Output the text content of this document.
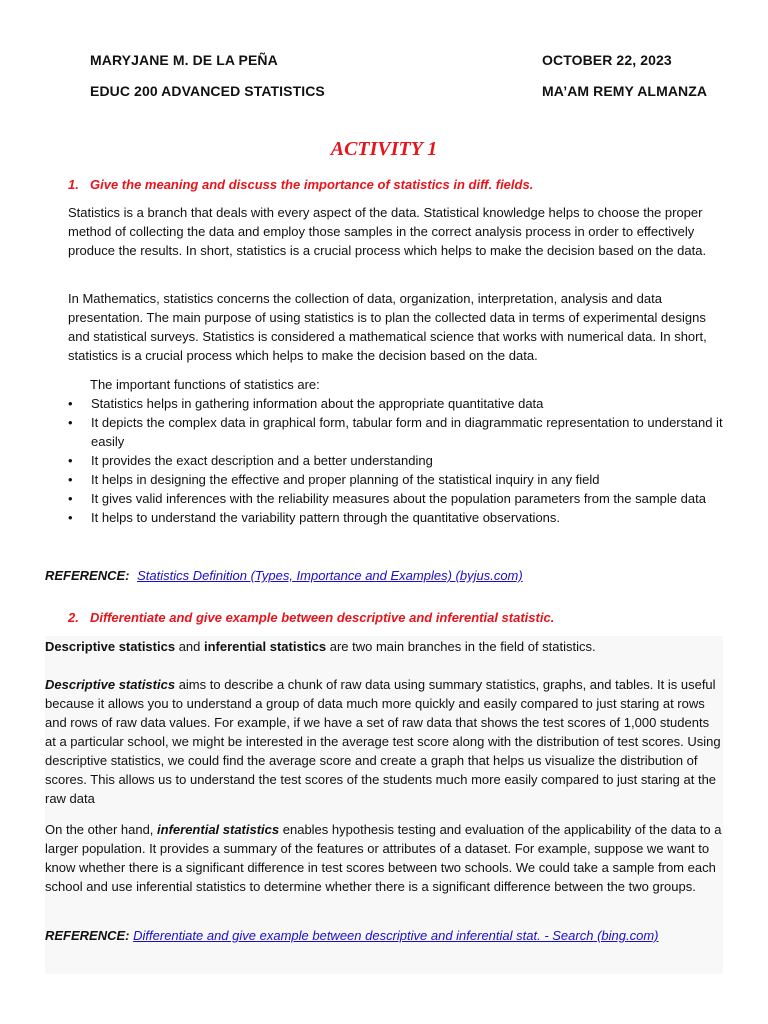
MARYJANE M. DE LA PEÑA	OCTOBER 22, 2023
EDUC 200 ADVANCED STATISTICS	MA’AM REMY ALMANZA
ACTIVITY 1
1. Give the meaning and discuss the importance of statistics in diff. fields.

Statistics is a branch that deals with every aspect of the data. Statistical knowledge helps to choose the proper method of collecting the data and employ those samples in the correct analysis process in order to effectively produce the results. In short, statistics is a crucial process which helps to make the decision based on the data.

In Mathematics, statistics concerns the collection of data, organization, interpretation, analysis and data presentation. The main purpose of using statistics is to plan the collected data in terms of experimental designs and statistical surveys. Statistics is considered a mathematical science that works with numerical data. In short, statistics is a crucial process which helps to make the decision based on the data.

The important functions of statistics are:
• Statistics helps in gathering information about the appropriate quantitative data
• It depicts the complex data in graphical form, tabular form and in diagrammatic representation to understand it easily
• It provides the exact description and a better understanding
• It helps in designing the effective and proper planning of the statistical inquiry in any field
• It gives valid inferences with the reliability measures about the population parameters from the sample data
• It helps to understand the variability pattern through the quantitative observations.
REFERENCE: Statistics Definition (Types, Importance and Examples) (byjus.com)
2. Differentiate and give example between descriptive and inferential statistic.

Descriptive statistics and inferential statistics are two main branches in the field of statistics.

Descriptive statistics aims to describe a chunk of raw data using summary statistics, graphs, and tables. It is useful because it allows you to understand a group of data much more quickly and easily compared to just staring at rows and rows of raw data values. For example, if we have a set of raw data that shows the test scores of 1,000 students at a particular school, we might be interested in the average test score along with the distribution of test scores. Using descriptive statistics, we could find the average score and create a graph that helps us visualize the distribution of scores. This allows us to understand the test scores of the students much more easily compared to just staring at the raw data

On the other hand, inferential statistics enables hypothesis testing and evaluation of the applicability of the data to a larger population. It provides a summary of the features or attributes of a dataset. For example, suppose we want to know whether there is a significant difference in test scores between two schools. We could take a sample from each school and use inferential statistics to determine whether there is a significant difference between the two groups.

REFERENCE: Differentiate and give example between descriptive and inferential stat. - Search (bing.com)
